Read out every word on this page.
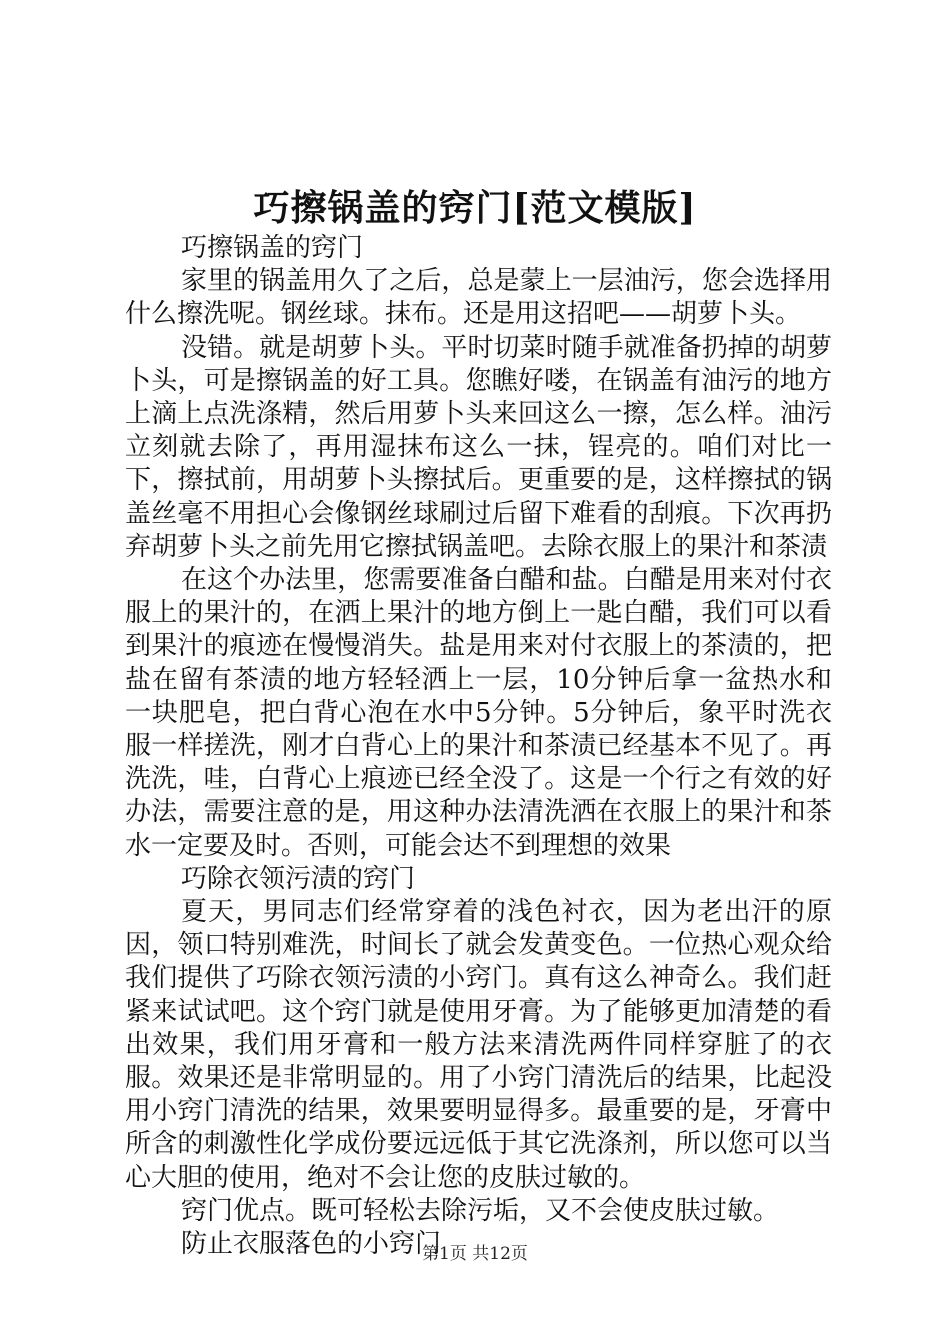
巧擦锅盖的窍门[范文模版]

巧擦锅盖的窍门

家里的锅盖用久了之后，总是蒙上一层油污，您会选择用什么擦洗呢。钢丝球。抹布。还是用这招吧——胡萝卜头。

没错。就是胡萝卜头。平时切菜时随手就准备扔掉的胡萝卜头，可是擦锅盖的好工具。您瞧好喽，在锅盖有油污的地方上滴上点洗涤精，然后用萝卜头来回这么一擦，怎么样。油污立刻就去除了，再用湿抹布这么一抹，锃亮的。咱们对比一下，擦拭前，用胡萝卜头擦拭后。更重要的是，这样擦拭的锅盖丝毫不用担心会像钢丝球刷过后留下难看的刮痕。下次再扔弃胡萝卜头之前先用它擦拭锅盖吧。去除衣服上的果汁和茶渍

在这个办法里，您需要准备白醋和盐。白醋是用来对付衣服上的果汁的，在洒上果汁的地方倒上一匙白醋，我们可以看到果汁的痕迹在慢慢消失。盐是用来对付衣服上的茶渍的，把盐在留有茶渍的地方轻轻洒上一层，10分钟后拿一盆热水和一块肥皂，把白背心泡在水中5分钟。5分钟后，象平时洗衣服一样搓洗，刚才白背心上的果汁和茶渍已经基本不见了。再洗洗，哇，白背心上痕迹已经全没了。这是一个行之有效的好办法，需要注意的是，用这种办法清洗洒在衣服上的果汁和茶水一定要及时。否则，可能会达不到理想的效果

巧除衣领污渍的窍门

夏天，男同志们经常穿着的浅色衬衣，因为老出汗的原因，领口特别难洗，时间长了就会发黄变色。一位热心观众给我们提供了巧除衣领污渍的小窍门。真有这么神奇么。我们赶紧来试试吧。这个窍门就是使用牙膏。为了能够更加清楚的看出效果，我们用牙膏和一般方法来清洗两件同样穿脏了的衣服。效果还是非常明显的。用了小窍门清洗后的结果，比起没用小窍门清洗的结果，效果要明显得多。最重要的是，牙膏中所含的刺激性化学成份要远远低于其它洗涤剂，所以您可以当心大胆的使用，绝对不会让您的皮肤过敏的。

窍门优点。既可轻松去除污垢，又不会使皮肤过敏。

防止衣服落色的小窍门

第1页 共12页
